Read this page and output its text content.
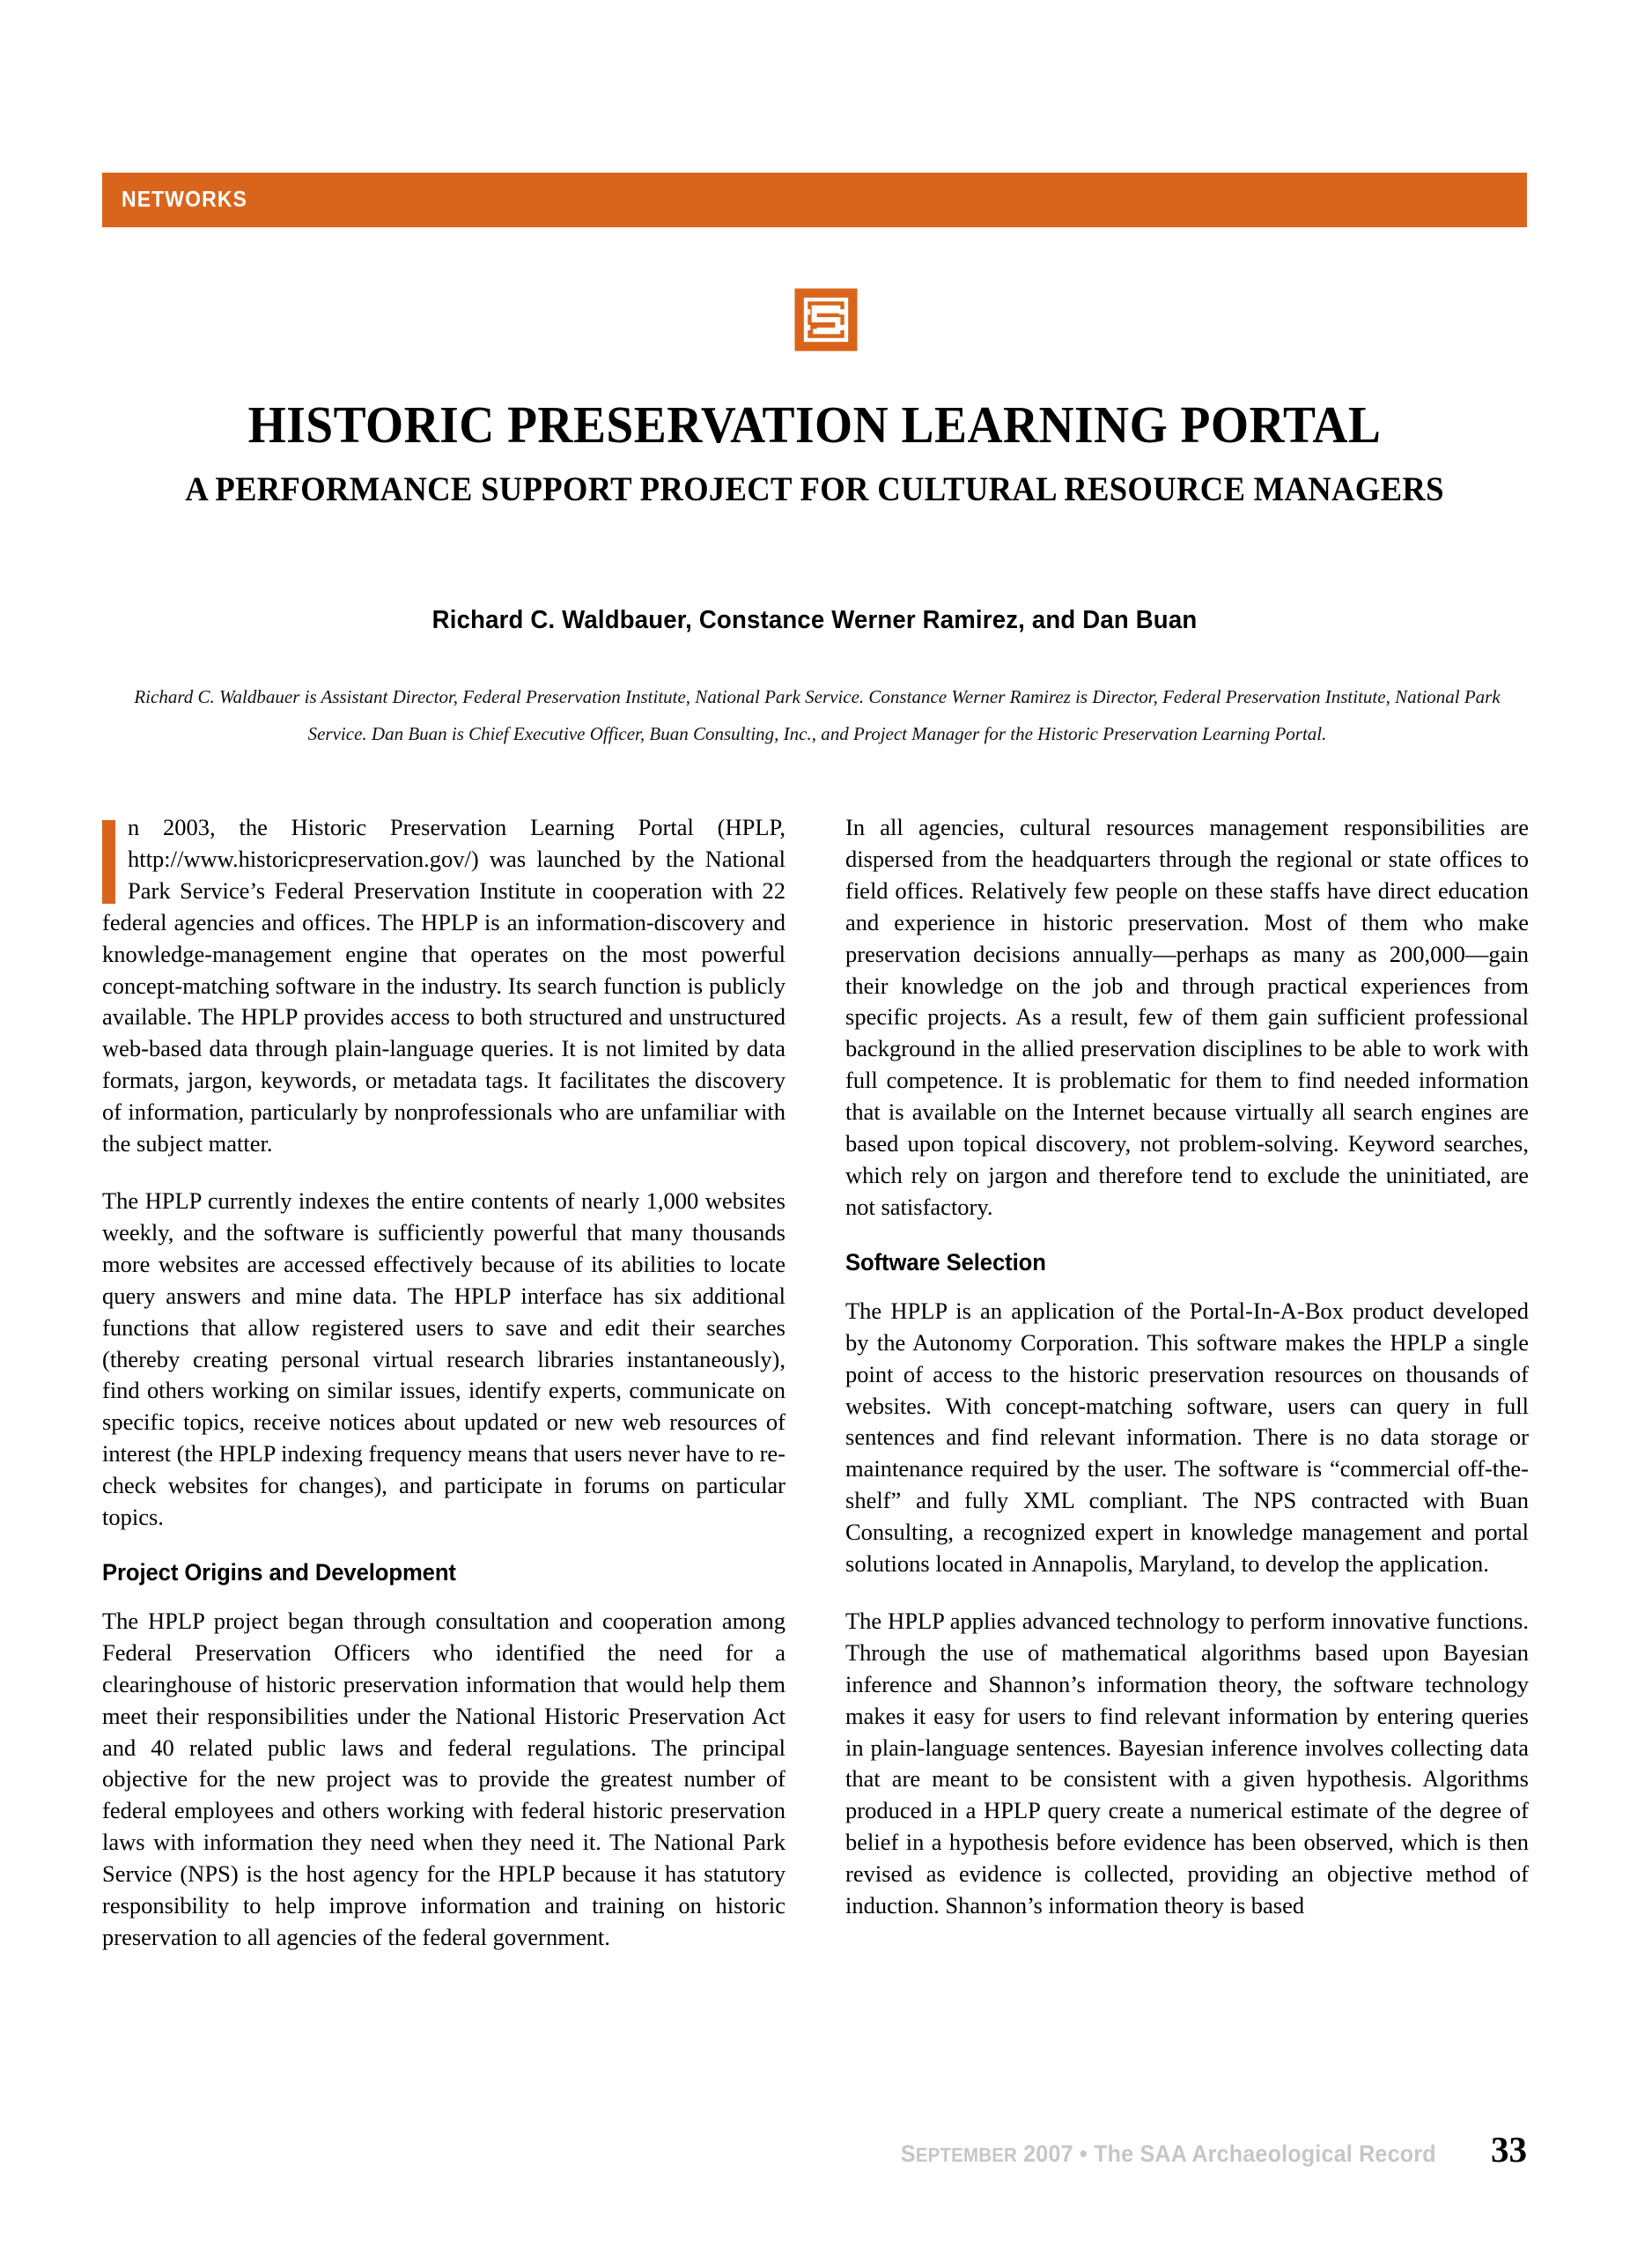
NETWORKS
HISTORIC PRESERVATION LEARNING PORTAL
A PERFORMANCE SUPPORT PROJECT FOR CULTURAL RESOURCE MANAGERS
Richard C. Waldbauer, Constance Werner Ramirez, and Dan Buan
Richard C. Waldbauer is Assistant Director, Federal Preservation Institute, National Park Service. Constance Werner Ramirez is Director, Federal Preservation Institute, National Park Service. Dan Buan is Chief Executive Officer, Buan Consulting, Inc., and Project Manager for the Historic Preservation Learning Portal.

n 2003, the Historic Preservation Learning Portal (HPLP, http://www.historicpreservation.gov/) was launched by the National Park Service’s Federal Preservation Institute in cooperation with 22 federal agencies and offices. The HPLP is an information-discovery and knowledge-management engine that operates on the most powerful concept-matching software in the industry. Its search function is publicly available. The HPLP provides access to both structured and unstructured web-based data through plain-language queries. It is not limited by data formats, jargon, keywords, or metadata tags. It facilitates the discovery of information, particularly by nonprofessionals who are unfamiliar with the subject matter.

The HPLP currently indexes the entire contents of nearly 1,000 websites weekly, and the software is sufficiently powerful that many thousands more websites are accessed effectively because of its abilities to locate query answers and mine data. The HPLP interface has six additional functions that allow registered users to save and edit their searches (thereby creating personal virtual research libraries instantaneously), find others working on similar issues, identify experts, communicate on specific topics, receive notices about updated or new web resources of interest (the HPLP indexing frequency means that users never have to re-check websites for changes), and participate in forums on particular topics.

Project Origins and Development

The HPLP project began through consultation and cooperation among Federal Preservation Officers who identified the need for a clearinghouse of historic preservation information that would help them meet their responsibilities under the National Historic Preservation Act and 40 related public laws and federal regulations. The principal objective for the new project was to provide the greatest number of federal employees and others working with federal historic preservation laws with information they need when they need it. The National Park Service (NPS) is the host agency for the HPLP because it has statutory responsibility to help improve information and training on historic preservation to all agencies of the federal government.

In all agencies, cultural resources management responsibilities are dispersed from the headquarters through the regional or state offices to field offices. Relatively few people on these staffs have direct education and experience in historic preservation. Most of them who make preservation decisions annually—perhaps as many as 200,000—gain their knowledge on the job and through practical experiences from specific projects. As a result, few of them gain sufficient professional background in the allied preservation disciplines to be able to work with full competence. It is problematic for them to find needed information that is available on the Internet because virtually all search engines are based upon topical discovery, not problem-solving. Keyword searches, which rely on jargon and therefore tend to exclude the uninitiated, are not satisfactory.

Software Selection

The HPLP is an application of the Portal-In-A-Box product developed by the Autonomy Corporation. This software makes the HPLP a single point of access to the historic preservation resources on thousands of websites. With concept-matching software, users can query in full sentences and find relevant information. There is no data storage or maintenance required by the user. The software is “commercial off-the-shelf” and fully XML compliant. The NPS contracted with Buan Consulting, a recognized expert in knowledge management and portal solutions located in Annapolis, Maryland, to develop the application.

The HPLP applies advanced technology to perform innovative functions. Through the use of mathematical algorithms based upon Bayesian inference and Shannon’s information theory, the software technology makes it easy for users to find relevant information by entering queries in plain-language sentences. Bayesian inference involves collecting data that are meant to be consistent with a given hypothesis. Algorithms produced in a HPLP query create a numerical estimate of the degree of belief in a hypothesis before evidence has been observed, which is then revised as evidence is collected, providing an objective method of induction. Shannon’s information theory is based

SEPTEMBER 2007 • The SAA Archaeological Record	33
